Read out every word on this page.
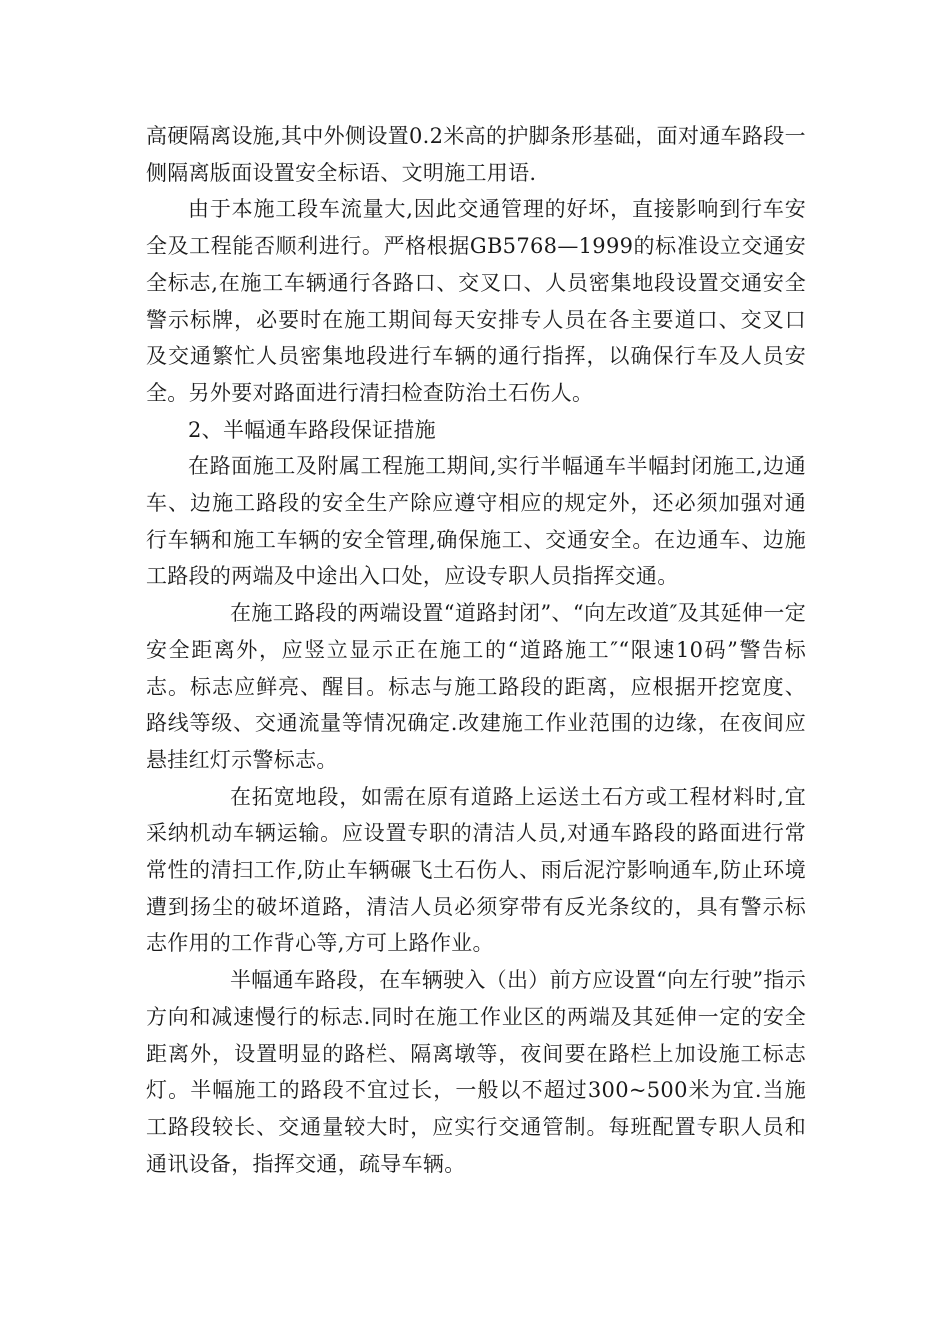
高硬隔离设施,其中外侧设置0.2米高的护脚条形基础，面对通车路段一侧隔离版面设置安全标语、文明施工用语.

由于本施工段车流量大,因此交通管理的好坏，直接影响到行车安全及工程能否顺利进行。严格根据GB5768—1999的标准设立交通安全标志,在施工车辆通行各路口、交叉口、人员密集地段设置交通安全警示标牌，必要时在施工期间每天安排专人员在各主要道口、交叉口及交通繁忙人员密集地段进行车辆的通行指挥，以确保行车及人员安全。另外要对路面进行清扫检查防治土石伤人。

2、半幅通车路段保证措施

在路面施工及附属工程施工期间,实行半幅通车半幅封闭施工,边通车、边施工路段的安全生产除应遵守相应的规定外，还必须加强对通行车辆和施工车辆的安全管理,确保施工、交通安全。在边通车、边施工路段的两端及中途出入口处，应设专职人员指挥交通。

在施工路段的两端设置“道路封闭”、“向左改道″及其延伸一定安全距离外，应竖立显示正在施工的“道路施工″“限速10码”警告标志。标志应鲜亮、醒目。标志与施工路段的距离，应根据开挖宽度、路线等级、交通流量等情况确定.改建施工作业范围的边缘，在夜间应悬挂红灯示警标志。

在拓宽地段，如需在原有道路上运送土石方或工程材料时,宜采纳机动车辆运输。应设置专职的清洁人员,对通车路段的路面进行常常性的清扫工作,防止车辆碾飞土石伤人、雨后泥泞影响通车,防止环境遭到扬尘的破坏道路，清洁人员必须穿带有反光条纹的，具有警示标志作用的工作背心等,方可上路作业。

半幅通车路段，在车辆驶入（出）前方应设置“向左行驶”指示方向和减速慢行的标志.同时在施工作业区的两端及其延伸一定的安全距离外，设置明显的路栏、隔离墩等，夜间要在路栏上加设施工标志灯。半幅施工的路段不宜过长，一般以不超过300~500米为宜.当施工路段较长、交通量较大时，应实行交通管制。每班配置专职人员和通讯设备，指挥交通，疏导车辆。
